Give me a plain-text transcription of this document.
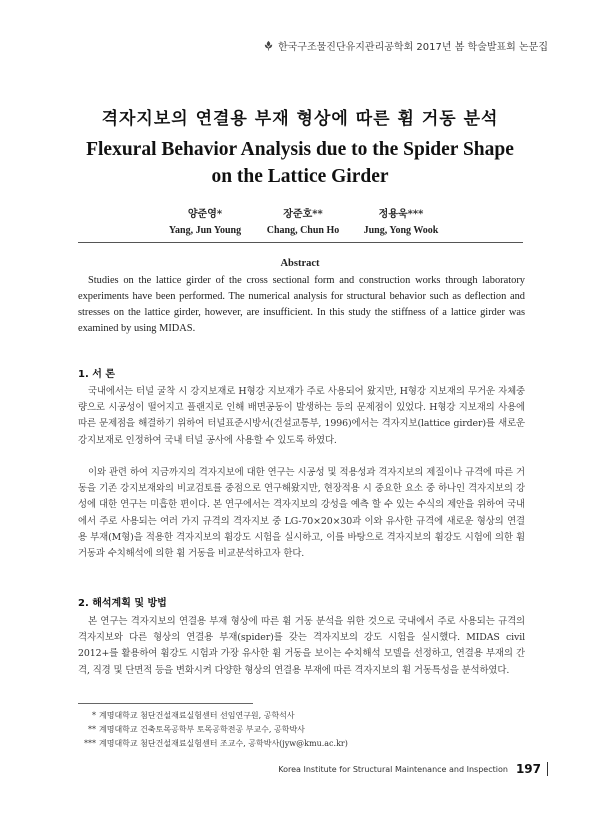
한국구조물진단유지관리공학회 2017년 봄 학술발표회 논문집
격자지보의 연결용 부재 형상에 따른 휨 거동 분석
Flexural Behavior Analysis due to the Spider Shape
on the Lattice Girder
양준영*
Yang, Jun Young
장준호**
Chang, Chun Ho
정용욱***
Jung, Yong Wook
Abstract

Studies on the lattice girder of the cross sectional form and construction works through laboratory experiments have been performed. The numerical analysis for structural behavior such as deflection and stresses on the lattice girder, however, are insufficient. In this study the stiffness of a lattice girder was examined by using MIDAS.

1. 서 론

국내에서는 터널 굴착 시 강지보재로 H형강 지보재가 주로 사용되어 왔지만, H형강 지보재의 무거운 자체중량으로 시공성이 떨어지고 플랜지로 인해 배면공동이 발생하는 등의 문제점이 있었다. H형강 지보재의 사용에 따른 문제점을 해결하기 위하여 터널표준시방서(건설교통부, 1996)에서는 격자지보(lattice girder)를 새로운 강지보재로 인정하여 국내 터널 공사에 사용할 수 있도록 하였다.

이와 관련 하여 지금까지의 격자지보에 대한 연구는 시공성 및 적용성과 격자지보의 제질이나 규격에 따른 거동을 기존 강지보재와의 비교검토를 중점으로 연구해왔지만, 현장적용 시 중요한 요소 중 하나인 격자지보의 강성에 대한 연구는 미흡한 편이다. 본 연구에서는 격자지보의 강성을 예측 할 수 있는 수식의 제안을 위하여 국내에서 주로 사용되는 여러 가지 규격의 격자지보 중 LG-70×20×30과 이와 유사한 규격에 새로운 형상의 연결용 부재(M형)을 적용한 격자지보의 휨강도 시험을 실시하고, 이를 바탕으로 격자지보의 휨강도 시험에 의한 휨 거동과 수치해석에 의한 휨 거동을 비교분석하고자 한다.

2. 해석계획 및 방법

본 연구는 격자지보의 연결용 부재 형상에 따른 휨 거동 분석을 위한 것으로 국내에서 주로 사용되는 규격의 격자지보와 다른 형상의 연결용 부재(spider)를 갖는 격자지보의 강도 시험을 실시했다. MIDAS civil 2012+를 활용하여 휨강도 시험과 가장 유사한 휨 거동을 보이는 수치해석 모델을 선정하고, 연결용 부재의 간격, 직경 및 단면적 등을 변화시켜 다양한 형상의 연결용 부재에 따른 격자지보의 휨 거동특성을 분석하였다.

* 계명대학교 첨단건설재료실험센터 선임연구원, 공학석사
** 계명대학교 건축토목공학부 토목공학전공 부교수, 공학박사
*** 계명대학교 첨단건설재료실험센터 조교수, 공학박사(jyw@kmu.ac.kr)
Korea Institute for Structural Maintenance and Inspection 197
